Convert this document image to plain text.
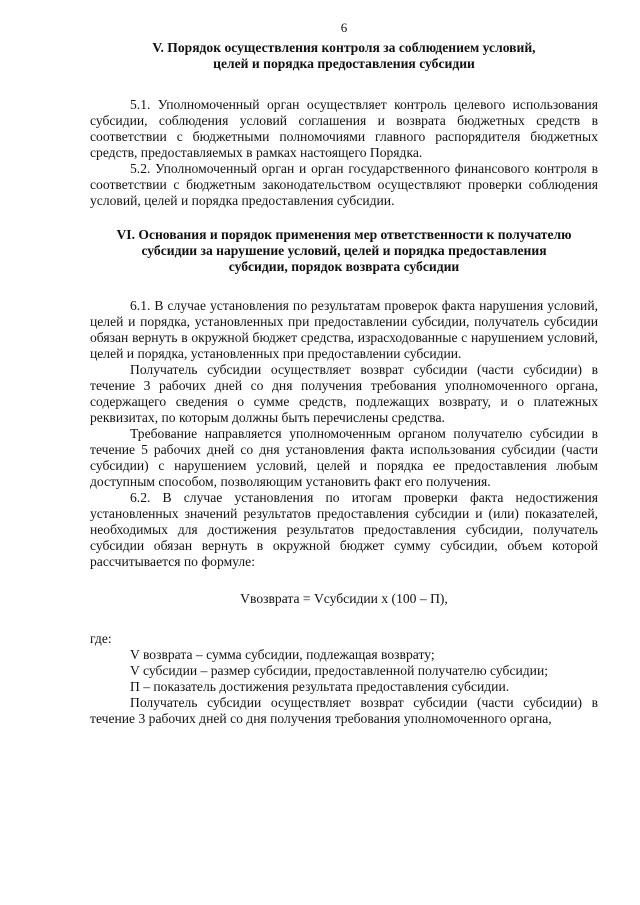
6
V. Порядок осуществления контроля за соблюдением условий,
целей и порядка предоставления субсидии

5.1. Уполномоченный орган осуществляет контроль целевого использования субсидии, соблюдения условий соглашения и возврата бюджетных средств в соответствии с бюджетными полномочиями главного распорядителя бюджетных средств, предоставляемых в рамках настоящего Порядка.

5.2. Уполномоченный орган и орган государственного финансового контроля в соответствии с бюджетным законодательством осуществляют проверки соблюдения условий, целей и порядка предоставления субсидии.

VI. Основания и порядок применения мер ответственности к получателю
субсидии за нарушение условий, целей и порядка предоставления
субсидии, порядок возврата субсидии

6.1. В случае установления по результатам проверок факта нарушения условий, целей и порядка, установленных при предоставлении субсидии, получатель субсидии обязан вернуть в окружной бюджет средства, израсходованные с нарушением условий, целей и порядка, установленных при предоставлении субсидии.

Получатель субсидии осуществляет возврат субсидии (части субсидии) в течение 3 рабочих дней со дня получения требования уполномоченного органа, содержащего сведения о сумме средств, подлежащих возврату, и о платежных реквизитах, по которым должны быть перечислены средства.

Требование направляется уполномоченным органом получателю субсидии в течение 5 рабочих дней со дня установления факта использования субсидии (части субсидии) с нарушением условий, целей и порядка ее предоставления любым доступным способом, позволяющим установить факт его получения.

6.2. В случае установления по итогам проверки факта недостижения установленных значений результатов предоставления субсидии и (или) показателей, необходимых для достижения результатов предоставления субсидии, получатель субсидии обязан вернуть в окружной бюджет сумму субсидии, объем которой рассчитывается по формуле:

Vвозврата = Vсубсидии х (100 – П),

где:

V возврата – сумма субсидии, подлежащая возврату;

V субсидии – размер субсидии, предоставленной получателю субсидии;

П – показатель достижения результата предоставления субсидии.

Получатель субсидии осуществляет возврат субсидии (части субсидии) в течение 3 рабочих дней со дня получения требования уполномоченного органа,
